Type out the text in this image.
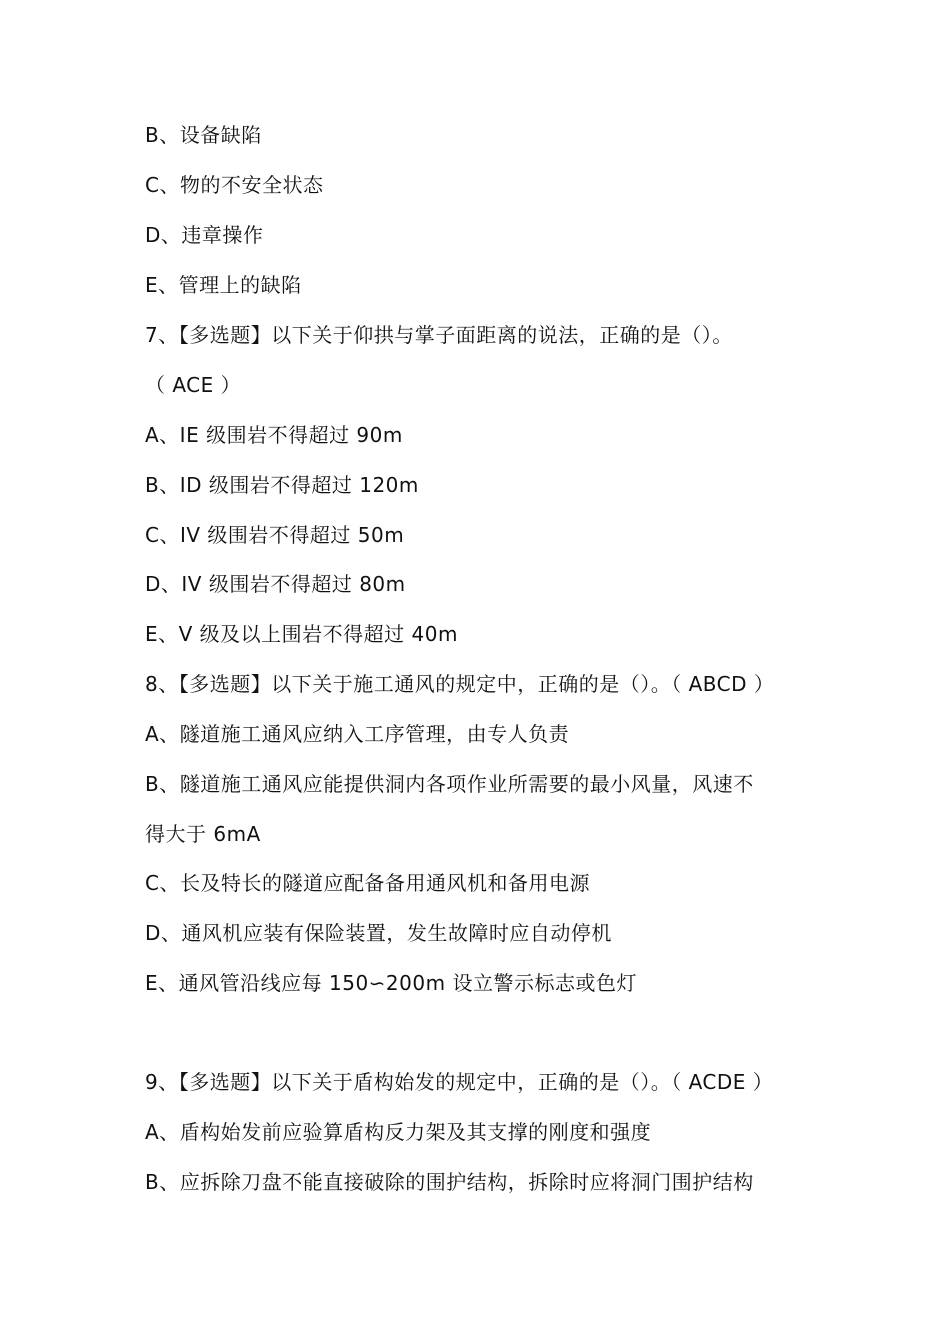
B、设备缺陷
C、物的不安全状态
D、违章操作
E、管理上的缺陷
7、【多选题】以下关于仰拱与掌子面距离的说法，正确的是（）。
（ ACE ）
A、IE 级围岩不得超过 90m
B、ID 级围岩不得超过 120m
C、IV 级围岩不得超过 50m
D、IV 级围岩不得超过 80m
E、V 级及以上围岩不得超过 40m
8、【多选题】以下关于施工通风的规定中，正确的是（）。（ ABCD ）
A、隧道施工通风应纳入工序管理，由专人负责
B、隧道施工通风应能提供洞内各项作业所需要的最小风量，风速不
得大于 6mA
C、长及特长的隧道应配备备用通风机和备用电源
D、通风机应装有保险装置，发生故障时应自动停机
E、通风管沿线应每 150∽200m 设立警示标志或色灯
9、【多选题】以下关于盾构始发的规定中，正确的是（）。（ ACDE ）
A、盾构始发前应验算盾构反力架及其支撑的刚度和强度
B、应拆除刀盘不能直接破除的围护结构，拆除时应将洞门围护结构
